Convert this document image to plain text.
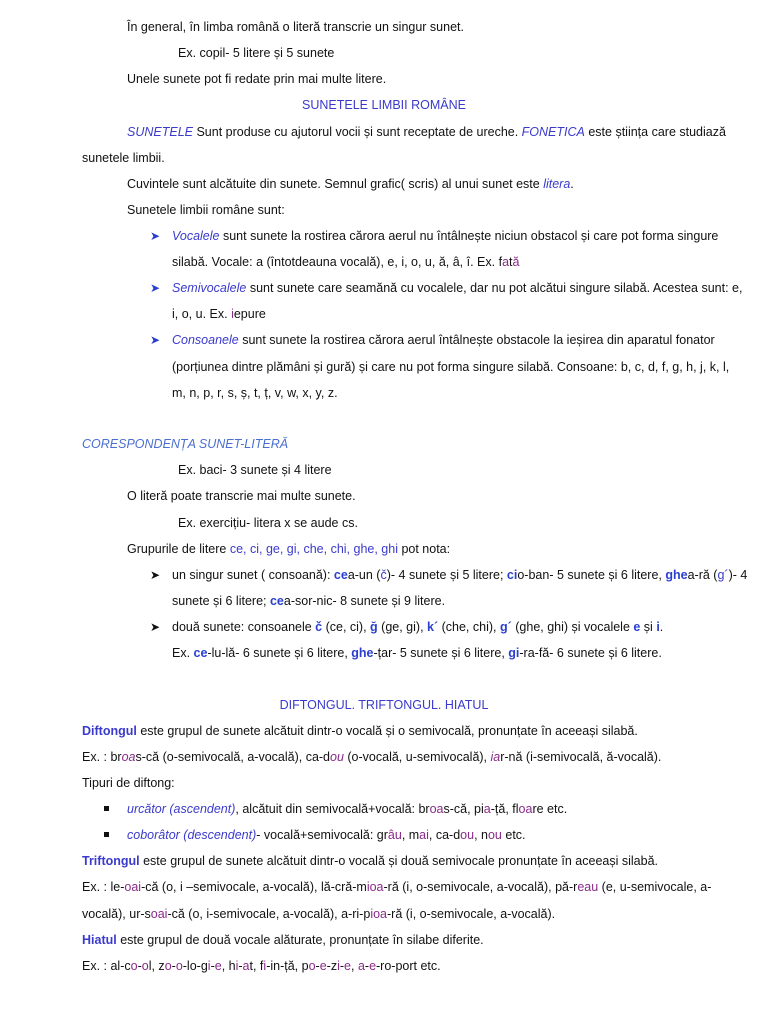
În general, în limba română o literă transcrie un singur sunet.
Ex. copil- 5 litere și 5 sunete
Unele sunete pot fi redate prin mai multe litere.
SUNETELE LIMBII ROMÂNE
SUNETELE Sunt produse cu ajutorul vocii și sunt receptate de ureche. FONETICA este știința care studiază
sunetele limbii.
Cuvintele sunt alcătuite din sunete. Semnul grafic( scris) al unui sunet este litera.
Sunetele limbii române sunt:
➤ Vocalele sunt sunete la rostirea cărora aerul nu întâlnește niciun obstacol și care pot forma singure
silabă. Vocale: a (întotdeauna vocală), e, i, o, u, ă, â, î. Ex. fată
➤ Semivocalele sunt sunete care seamănă cu vocalele, dar nu pot alcătui singure silabă. Acestea sunt: e,
i, o, u. Ex. iepure
➤ Consoanele sunt sunete la rostirea cărora aerul întâlnește obstacole la ieșirea din aparatul fonator
(porțiunea dintre plămâni și gură) și care nu pot forma singure silabă. Consoane: b, c, d, f, g, h, j, k, l,
m, n, p, r, s, ș, t, ț, v, w, x, y, z.
CORESPONDENȚA SUNET-LITERĂ
Ex. baci- 3 sunete și 4 litere
O literă poate transcrie mai multe sunete.
Ex. exercițiu- litera x se aude cs.
Grupurile de litere ce, ci, ge, gi, che, chi, ghe, ghi pot nota:
➤ un singur sunet ( consoană): cea-un (č)- 4 sunete și 5 litere; cio-ban- 5 sunete și 6 litere, ghea-ră (g´)- 4
sunete și 6 litere; cea-sor-nic- 8 sunete și 9 litere.
➤ două sunete: consoanele č (ce, ci), ğ (ge, gi), k´ (che, chi), g´ (ghe, ghi) și vocalele e și i.
Ex. ce-lu-lă- 6 sunete și 6 litere, ghe-țar- 5 sunete și 6 litere, gi-ra-fă- 6 sunete și 6 litere.
DIFTONGUL. TRIFTONGUL. HIATUL
Diftongul este grupul de sunete alcătuit dintr-o vocală și o semivocală, pronunțate în aceeași silabă.
Ex. : broas-că (o-semivocală, a-vocală), ca-dou (o-vocală, u-semivocală), iar-nă (i-semivocală, ă-vocală).
Tipuri de diftong:
urcător (ascendent), alcătuit din semivocală+vocală: broas-că, pia-ță, floare etc.
coborâtor (descendent)- vocală+semivocală: grâu, mai, ca-dou, nou etc.
Triftongul este grupul de sunete alcătuit dintr-o vocală și două semivocale pronunțate în aceeași silabă.
Ex. : le-oai-că (o, i –semivocale, a-vocală), lă-cră-mioa-ră (i, o-semivocale, a-vocală), pă-reau (e, u-semivocale, a-
vocală), ur-soai-că (o, i-semivocale, a-vocală), a-ri-pioa-ră (i, o-semivocale, a-vocală).
Hiatul este grupul de două vocale alăturate, pronunțate în silabe diferite.
Ex. : al-co-ol, zo-o-lo-gi-e, hi-at, fi-in-ță, po-e-zi-e, a-e-ro-port etc.
